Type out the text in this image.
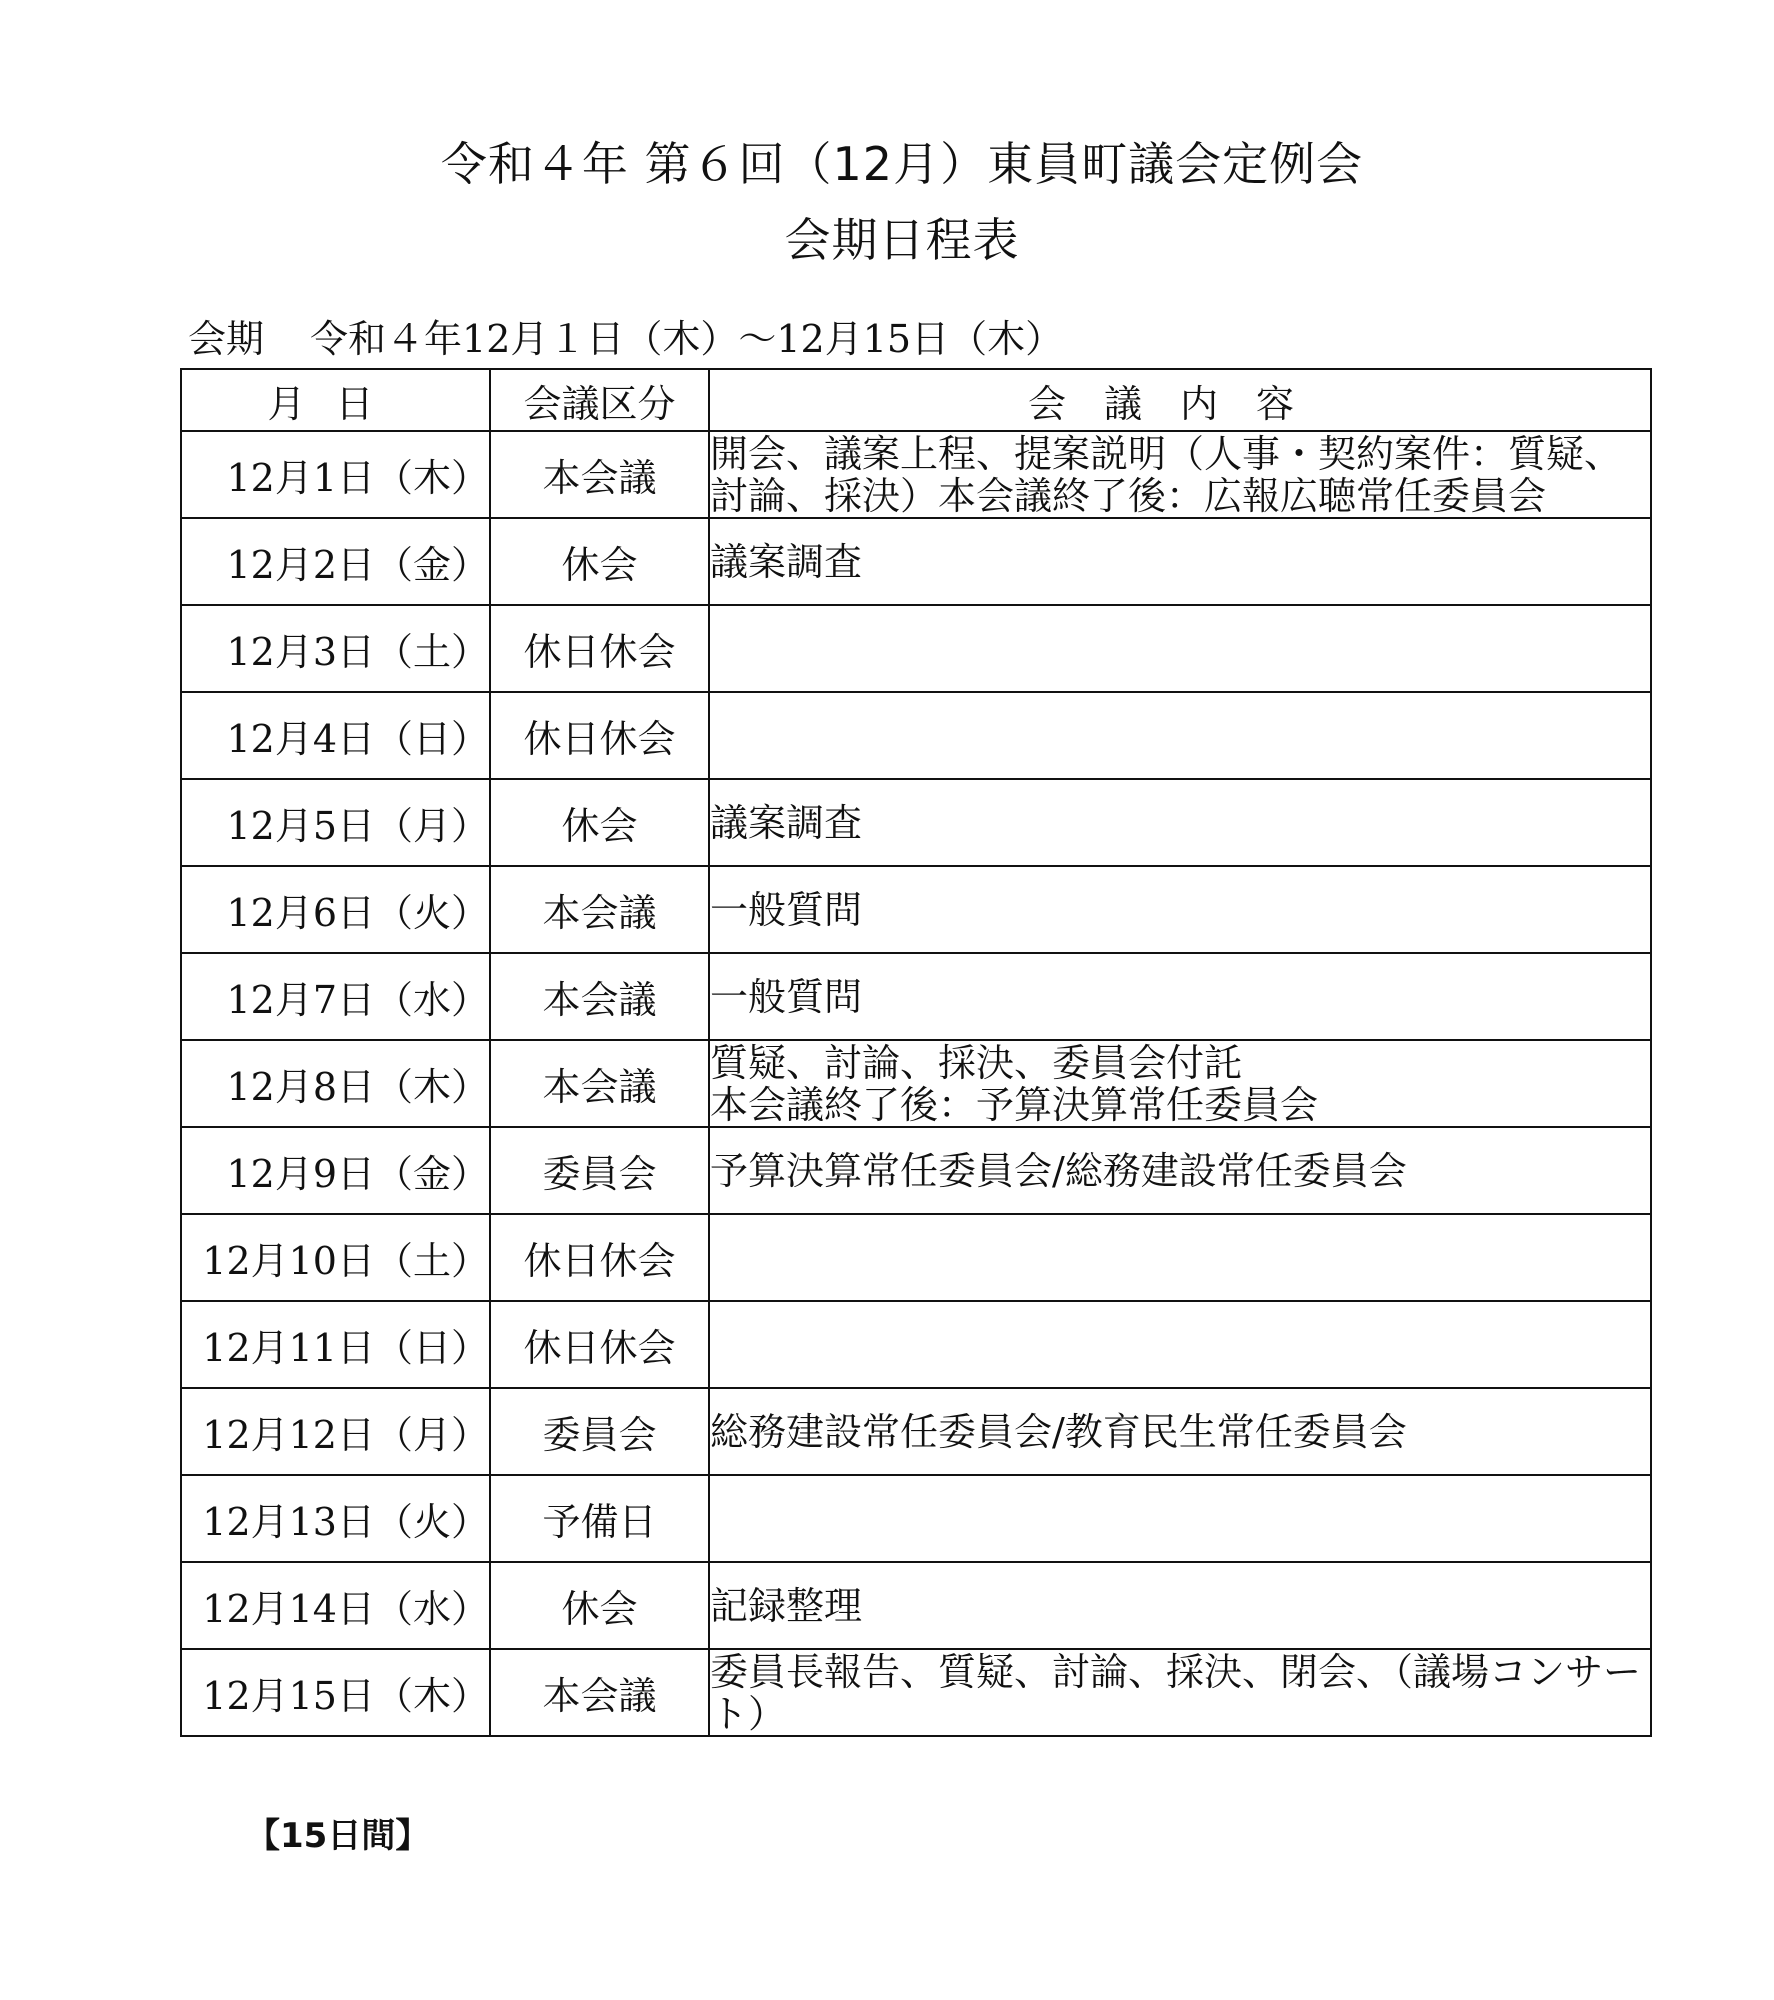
令和４年 第６回（12月）東員町議会定例会
会期日程表
会期 令和４年12月１日（木）～12月15日（木）
月日	会議区分	会議内容
12月1日（木）	本会議	開会、議案上程、提案説明（人事・契約案件：質疑、討論、採決）本会議終了後：広報広聴常任委員会
12月2日（金）	休会	議案調査
12月3日（土）	休日休会	
12月4日（日）	休日休会	
12月5日（月）	休会	議案調査
12月6日（火）	本会議	一般質問
12月7日（水）	本会議	一般質問
12月8日（木）	本会議	質疑、討論、採決、委員会付託
本会議終了後：予算決算常任委員会

12月9日（金）	委員会	予算決算常任委員会/総務建設常任委員会
12月10日（土）	休日休会	
12月11日（日）	休日休会	
12月12日（月）	委員会	総務建設常任委員会/教育民生常任委員会
12月13日（火）	予備日	
12月14日（水）	休会	記録整理
12月15日（木）	本会議	委員長報告、質疑、討論、採決、閉会、（議場コンサート）
【15日間】
